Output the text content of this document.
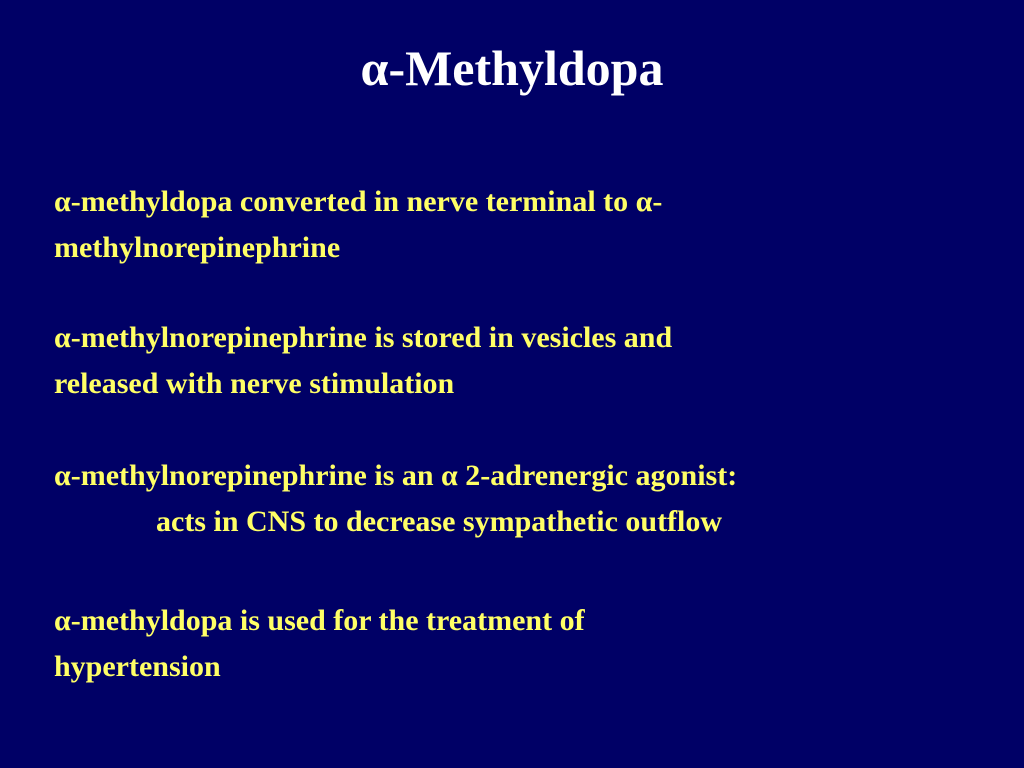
α-Methyldopa

α-methyldopa converted in nerve terminal to α-
methylnorepinephrine

α-methylnorepinephrine is stored in vesicles and
released with nerve stimulation

α-methylnorepinephrine is an α 2-adrenergic agonist:
acts in CNS to decrease sympathetic outflow

α-methyldopa is used for the treatment of
hypertension
